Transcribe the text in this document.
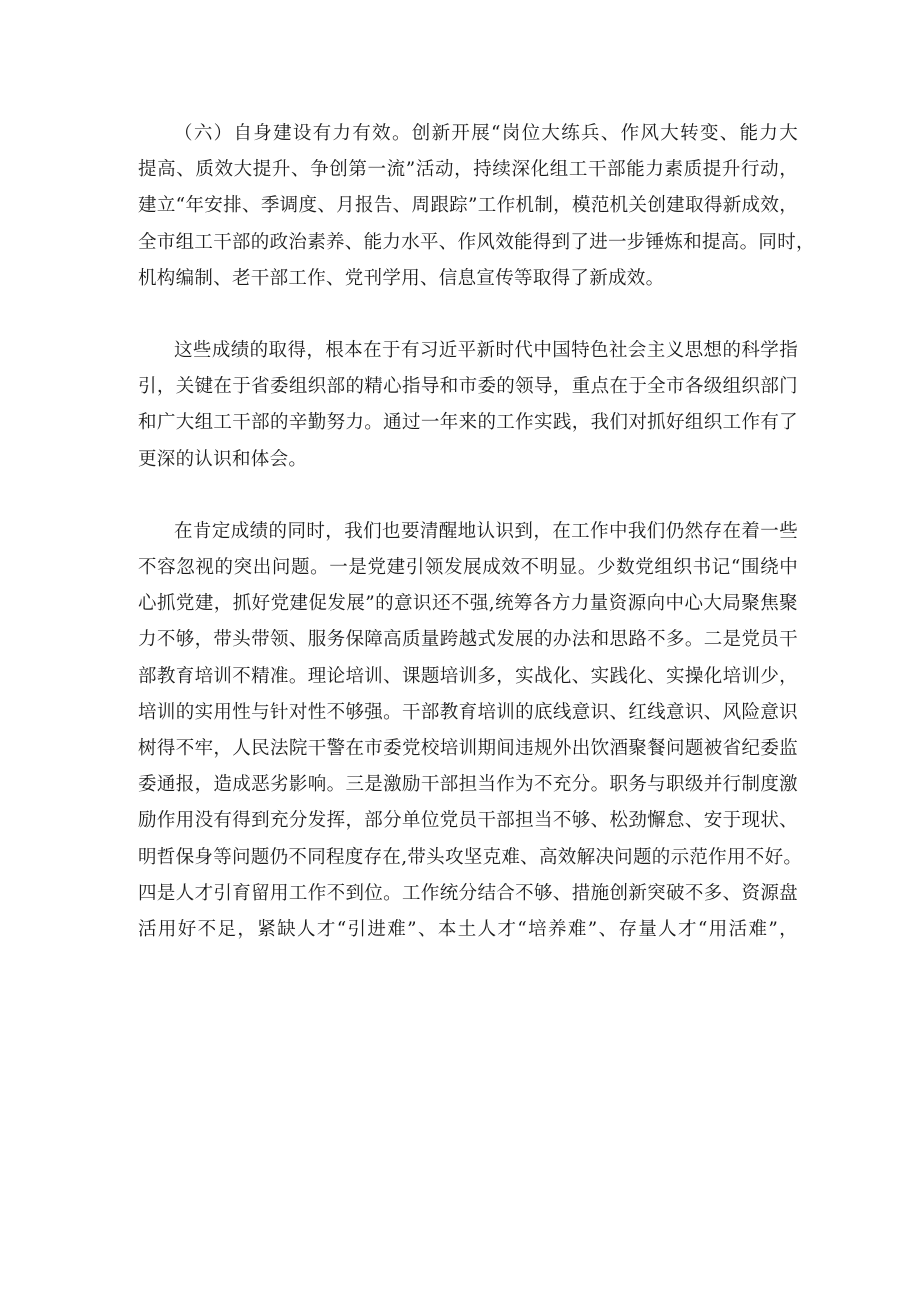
（六）自身建设有力有效。创新开展“岗位大练兵、作风大转变、能力大
提高、质效大提升、争创第一流”活动，持续深化组工干部能力素质提升行动，
建立“年安排、季调度、月报告、周跟踪”工作机制，模范机关创建取得新成效，
全市组工干部的政治素养、能力水平、作风效能得到了进一步锤炼和提高。同时，
机构编制、老干部工作、党刊学用、信息宣传等取得了新成效。
这些成绩的取得，根本在于有习近平新时代中国特色社会主义思想的科学指
引，关键在于省委组织部的精心指导和市委的领导，重点在于全市各级组织部门
和广大组工干部的辛勤努力。通过一年来的工作实践，我们对抓好组织工作有了
更深的认识和体会。
在肯定成绩的同时，我们也要清醒地认识到，在工作中我们仍然存在着一些
不容忽视的突出问题。一是党建引领发展成效不明显。少数党组织书记“围绕中
心抓党建，抓好党建促发展”的意识还不强,统筹各方力量资源向中心大局聚焦聚
力不够，带头带领、服务保障高质量跨越式发展的办法和思路不多。二是党员干
部教育培训不精准。理论培训、课题培训多，实战化、实践化、实操化培训少，
培训的实用性与针对性不够强。干部教育培训的底线意识、红线意识、风险意识
树得不牢，人民法院干警在市委党校培训期间违规外出饮酒聚餐问题被省纪委监
委通报，造成恶劣影响。三是激励干部担当作为不充分。职务与职级并行制度激
励作用没有得到充分发挥，部分单位党员干部担当不够、松劲懈怠、安于现状、
明哲保身等问题仍不同程度存在,带头攻坚克难、高效解决问题的示范作用不好。
四是人才引育留用工作不到位。工作统分结合不够、措施创新突破不多、资源盘
活用好不足，紧缺人才“引进难”、本土人才“培养难”、存量人才“用活难”，
